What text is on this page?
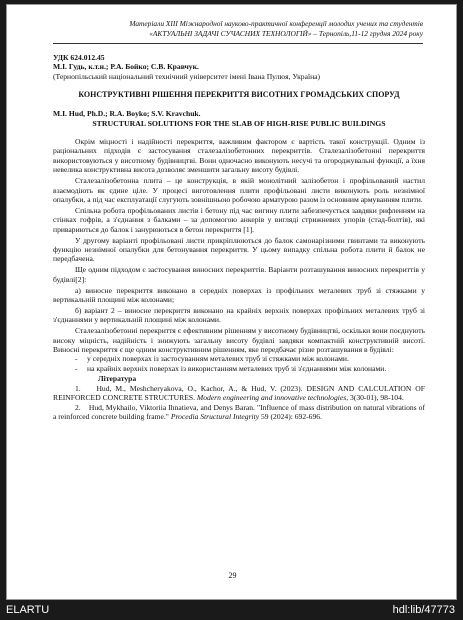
Матеріали XIII Міжнародної науково-практичної конференції молодих учених та студентів
«АКТУАЛЬНІ ЗАДАЧІ СУЧАСНИХ ТЕХНОЛОГІЙ» – Тернопіль,11-12 грудня 2024 року
УДК 624.012.45
М.І. Гудь, к.т.н.; Р.А. Бойко; С.В. Кравчук.
(Тернопільський національний технічний університет імені Івана Пулюя, Україна)
КОНСТРУКТИВНІ РІШЕННЯ ПЕРЕКРИТТЯ ВИСОТНИХ ГРОМАДСЬКИХ СПОРУД
M.I. Hud, Ph.D.; R.A. Boyko; S.V. Kravchuk.
STRUCTURAL SOLUTIONS FOR THE SLAB OF HIGH-RISE PUBLIC BUILDINGS
Окрім міцності і надійності перекриття, важливим фактором є вартість такої конструкції. Одним із раціональних підходів є застосування сталезалізобетонних перекриттів. Сталезалізобетонні перекриття використовуються у висотному будівництві. Вони одночасно виконують несучі та огороджувальні функції, а їхня невелика конструктивна висота дозволяє зменшити загальну висоту будівлі.
Сталезалізобетонна плита – це конструкція, в якій монолітний залізобетон і профільований настил взаємодіють як єдине ціле. У процесі виготовлення плити профільовані листи виконують роль незнімної опалубки, а під час експлуатації слугують зовнішньою робочою арматурою разом із основним армуванням плити.
Спільна робота профільованих листів і бетону під час вигину плити забезпечується завдяки рифленням на стінках гофрів, а з'єднання з балками – за допомогою анкерів у вигляді стрижневих упорів (стад-болтів), які привариються до балок і занурюються в бетон перекриття [1].
У другому варіанті профільовані листи прикріплюються до балок самонарізними гвинтами та виконують функцію незнімної опалубки для бетонування перекриття. У цьому випадку спільна робота плити й балок не передбачена.
Ще одним підходом є застосування виносних перекриттів. Варіанти розташування виносних перекриттів у будівлі[2]:
а) виносне перекриття виконано в середніх поверхах із профільних металевих труб зі стяжками у вертикальній площині між колонами;
б) варіант 2 – виносне перекриття виконано на крайніх верхніх поверхах профільних металевих труб зі з'єднаннями у вертикальній площині між колонами.
Сталезалізобетонні перекриття є ефективним рішенням у висотному будівництві, оскільки вони поєднують високу міцність, надійність і знижують загальну висоту будівлі завдяки компактній конструктивній висоті. Виносні перекриття є ще одним конструктивним рішенням, яке передбачає різне розташування в будівлі:
-     у середніх поверхах із застосуванням металевих труб зі стяжками між колонами.
-     на крайніх верхніх поверхах із використанням металевих труб зі з'єднаннями між колонами.
Література
1. Hud, M., Meshcheryakova, O., Kachor, A., & Hud, V. (2023). DESIGN AND CALCULATION OF REINFORCED CONCRETE STRUCTURES. Modern engineering and innovative technologies, 3(30-01), 98-104.
2. Hud, Mykhailo, Viktoriia Ihnatieva, and Denys Baran. "Influence of mass distribution on natural vibrations of a reinforced concrete building frame." Procedia Structural Integrity 59 (2024): 692-696.
29
ELARTU	hdl:lib/47773
